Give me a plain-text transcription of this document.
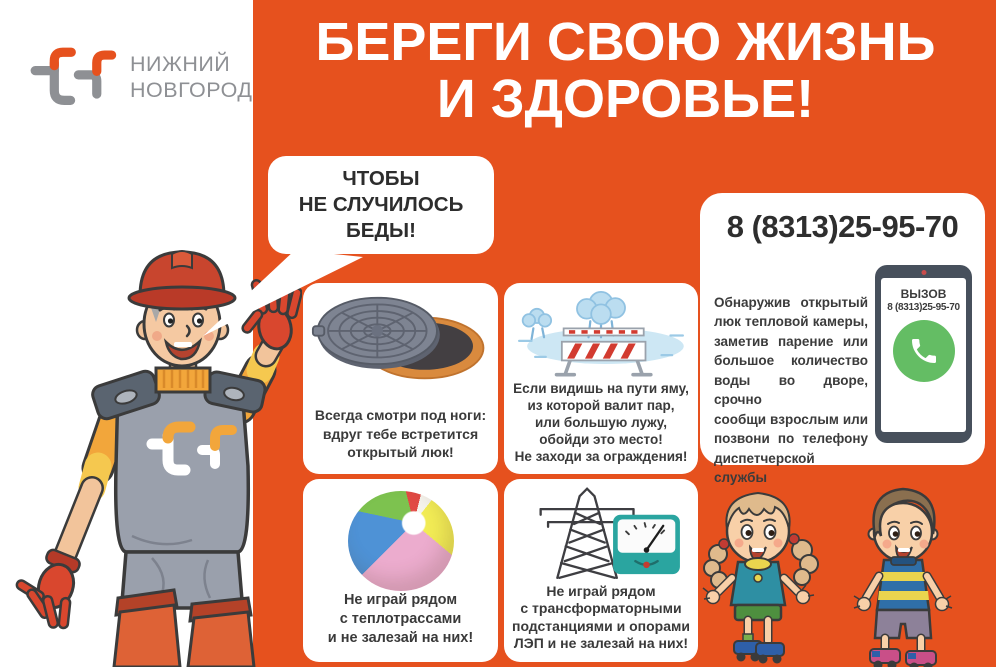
НИЖНИЙ
НОВГОРОД
БЕРЕГИ СВОЮ ЖИЗНЬ
И ЗДОРОВЬЕ!
ЧТОБЫ
НЕ СЛУЧИЛОСЬ
БЕДЫ!

Всегда смотри под ноги:
вдруг тебе встретится
открытый люк!

Если видишь на пути яму,
из которой валит пар,
или большую лужу,
обойди это место!
Не заходи за ограждения!

Не играй рядом
с теплотрассами
и не залезай на них!

Не играй рядом
с трансформаторными
подстанциями и опорами
ЛЭП и не залезай на них!

8 (8313)25-95-70

Обнаружив открытый
люк тепловой камеры,
заметив парение или
большое количество
воды во дворе, срочно
сообщи взрослым или
позвони по телефону
диспетчерской службы

ВЫЗОВ
8 (8313)25-95-70
